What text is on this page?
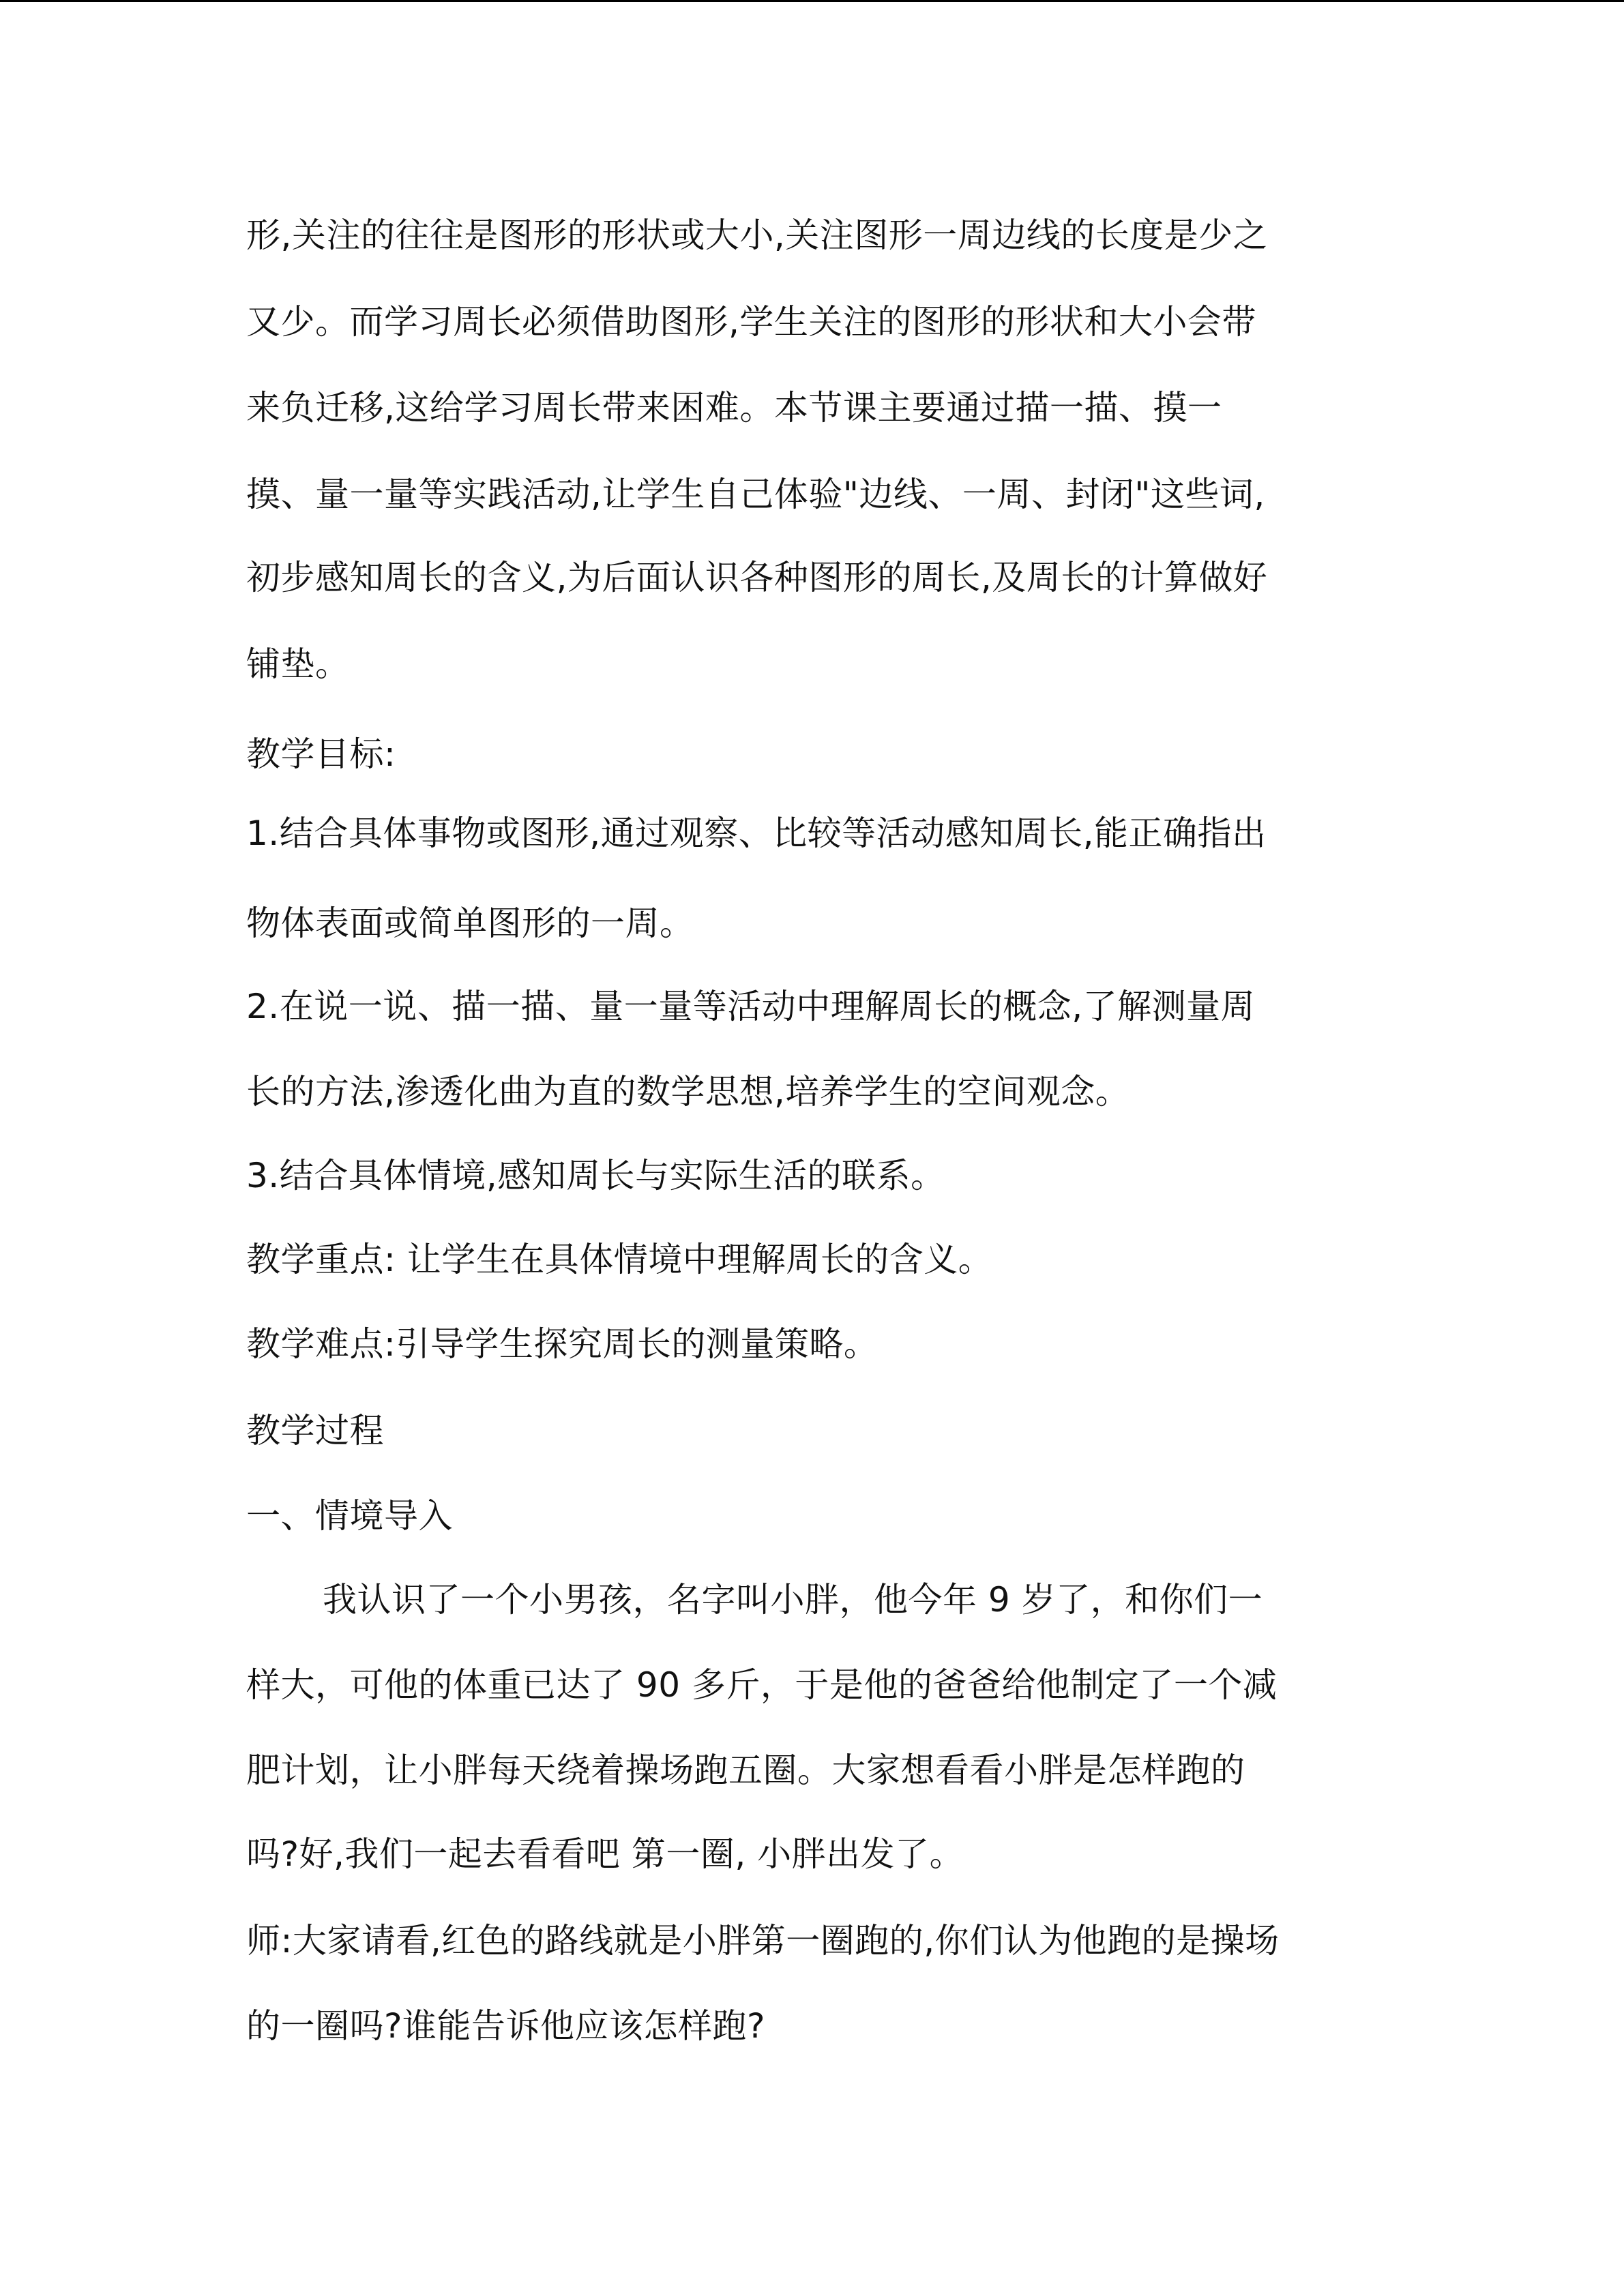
形,关注的往往是图形的形状或大小,关注图形一周边线的长度是少之

又少。而学习周长必须借助图形,学生关注的图形的形状和大小会带

来负迁移,这给学习周长带来困难。本节课主要通过描一描、摸一

摸、量一量等实践活动,让学生自己体验"边线、一周、封闭"这些词,

初步感知周长的含义,为后面认识各种图形的周长,及周长的计算做好

铺垫。

教学目标:

1.结合具体事物或图形,通过观察、比较等活动感知周长,能正确指出

物体表面或简单图形的一周。

2.在说一说、描一描、量一量等活动中理解周长的概念,了解测量周

长的方法,渗透化曲为直的数学思想,培养学生的空间观念。

3.结合具体情境,感知周长与实际生活的联系。

教学重点: 让学生在具体情境中理解周长的含义。

教学难点:引导学生探究周长的测量策略。

教学过程

一、情境导入

我认识了一个小男孩，名字叫小胖，他今年 9 岁了，和你们一

样大，可他的体重已达了 90 多斤，于是他的爸爸给他制定了一个减

肥计划，让小胖每天绕着操场跑五圈。大家想看看小胖是怎样跑的

吗?好,我们一起去看看吧 第一圈, 小胖出发了。

师:大家请看,红色的路线就是小胖第一圈跑的,你们认为他跑的是操场

的一圈吗?谁能告诉他应该怎样跑?
